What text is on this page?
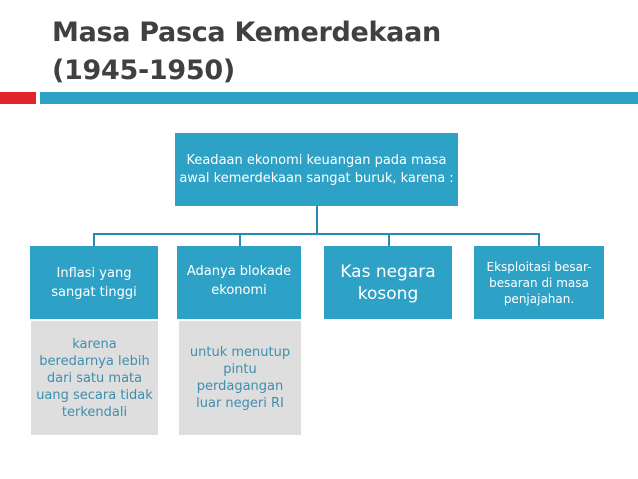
Masa Pasca Kemerdekaan
(1945-1950)
Keadaan ekonomi keuangan pada masa awal kemerdekaan sangat buruk, karena :
Inflasi yang sangat tinggi
Adanya blokade ekonomi
Kas negara kosong
Eksploitasi besar-besaran di masa penjajahan.
karena beredarnya lebih dari satu mata uang secara tidak terkendali
untuk menutup pintu perdagangan luar negeri RI
